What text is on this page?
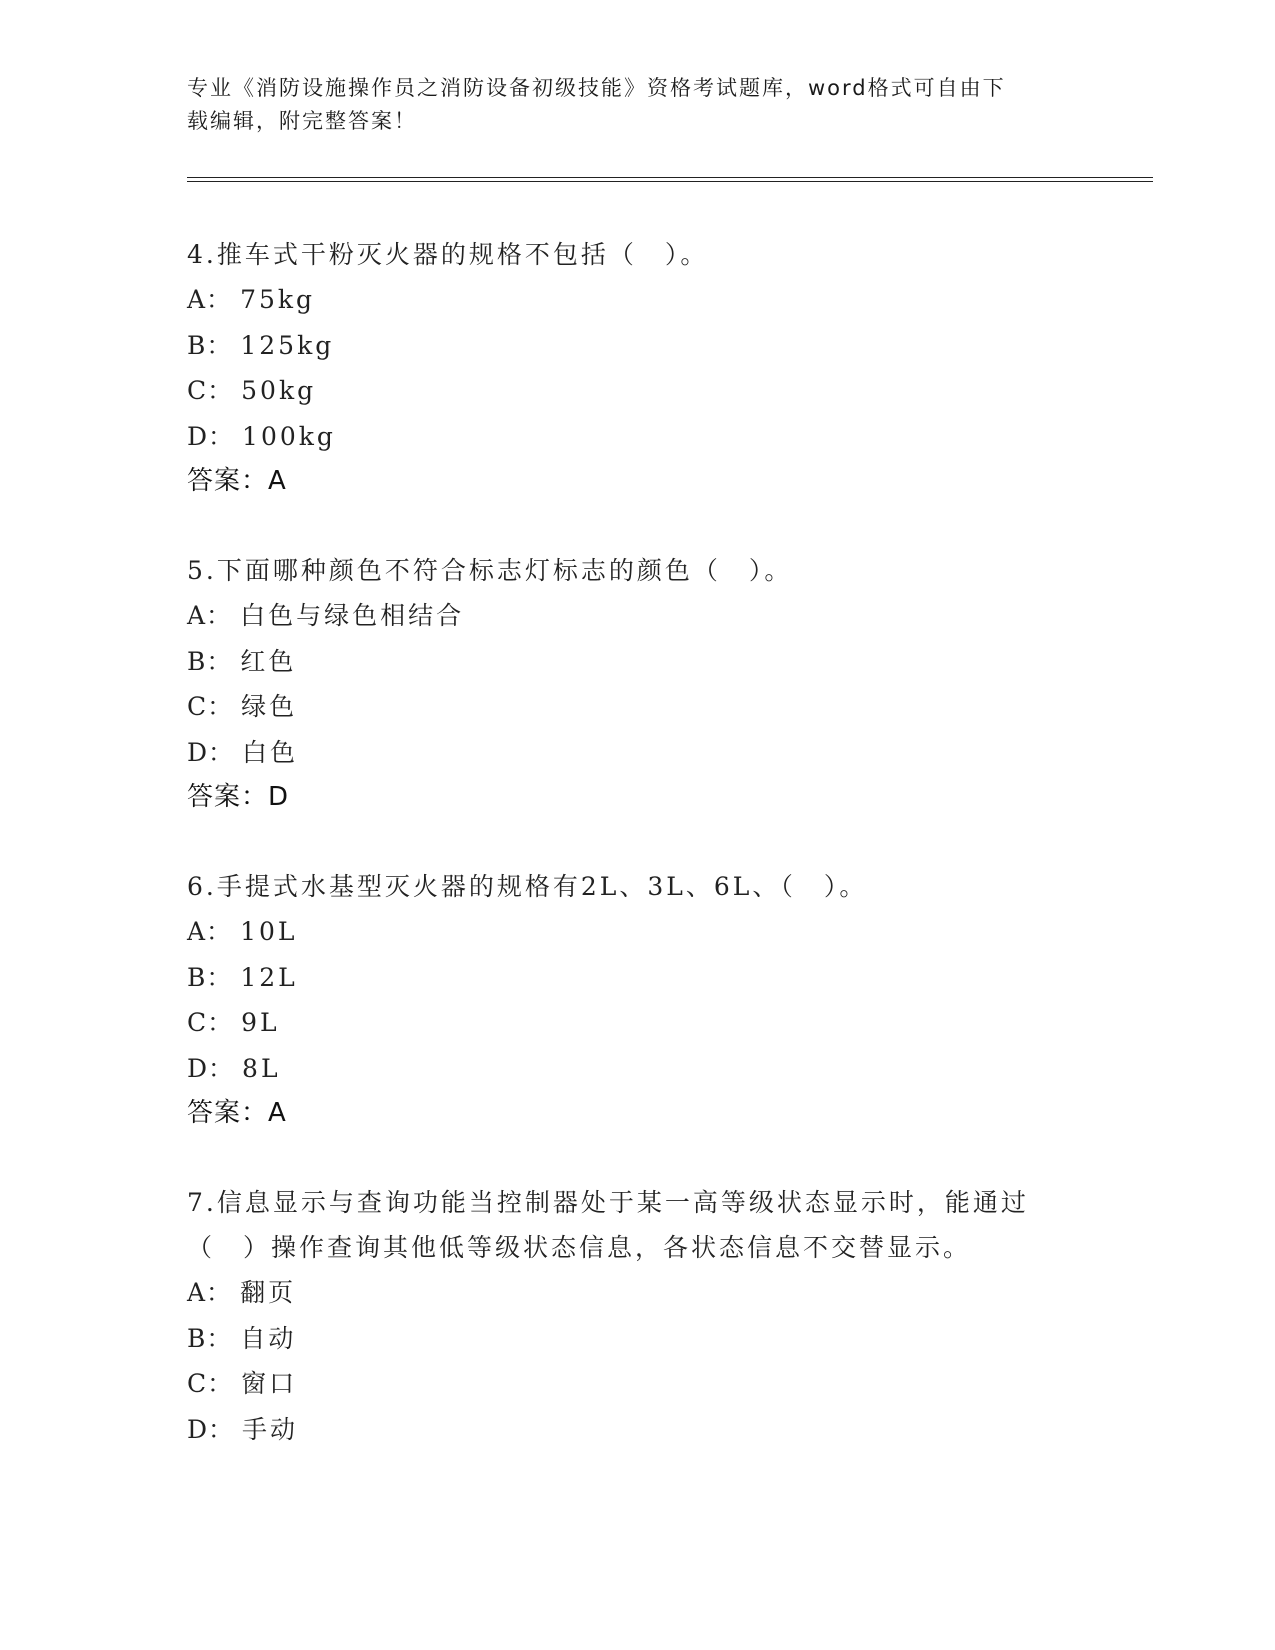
专业《消防设施操作员之消防设备初级技能》资格考试题库，word格式可自由下
载编辑，附完整答案！

4.推车式干粉灭火器的规格不包括（　）。

A： 75kg

B： 125kg

C： 50kg

D： 100kg

答案：A

5.下面哪种颜色不符合标志灯标志的颜色（　）。

A： 白色与绿色相结合

B： 红色

C： 绿色

D： 白色

答案：D

6.手提式水基型灭火器的规格有2L、3L、6L、（　）。

A： 10L

B： 12L

C： 9L

D： 8L

答案：A

7.信息显示与查询功能当控制器处于某一高等级状态显示时，能通过（　）操作查询其他低等级状态信息，各状态信息不交替显示。

A： 翻页

B： 自动

C： 窗口

D： 手动
